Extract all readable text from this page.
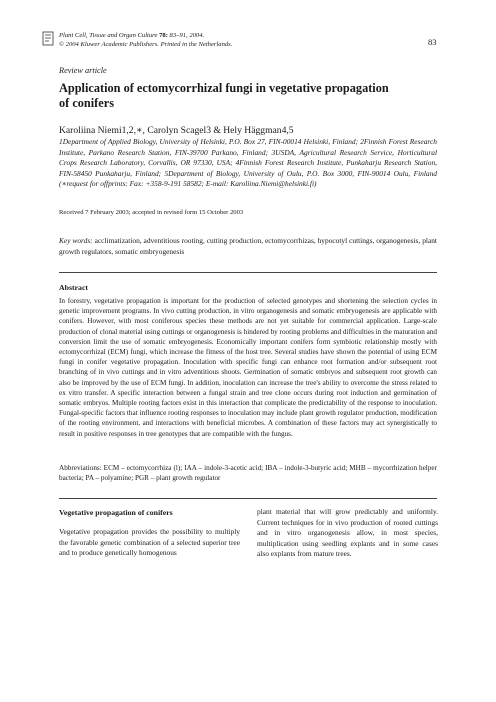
Plant Cell, Tissue and Organ Culture 78: 83–91, 2004.
© 2004 Kluwer Academic Publishers. Printed in the Netherlands.	83
Review article
Application of ectomycorrhizal fungi in vegetative propagation of conifers
Karoliina Niemi1,2,∗, Carolyn Scagel3 & Hely Häggman4,5
1Department of Applied Biology, University of Helsinki, P.O. Box 27, FIN-00014 Helsinki, Finland; 2Finnish Forest Research Institute, Parkano Research Station, FIN-39700 Parkano, Finland; 3USDA, Agricultural Research Service, Horticultural Crops Research Laboratory, Corvallis, OR 97330, USA; 4Finnish Forest Research Institute, Punkaharju Research Station, FIN-58450 Punkaharju, Finland; 5Department of Biology, University of Oulu, P.O. Box 3000, FIN-90014 Oulu, Finland (∗request for offprints: Fax: +358-9-191 58582; E-mail: Karoliina.Niemi@helsinki.fi)
Received 7 February 2003; accepted in revised form 15 October 2003
Key words: acclimatization, adventitious rooting, cutting production, ectomycorrhizas, hypocotyl cuttings, organogenesis, plant growth regulators, somatic embryogenesis
Abstract
In forestry, vegetative propagation is important for the production of selected genotypes and shortening the selection cycles in genetic improvement programs. In vivo cutting production, in vitro organogenesis and somatic embryogenesis are applicable with conifers. However, with most coniferous species these methods are not yet suitable for commercial application. Large-scale production of clonal material using cuttings or organogenesis is hindered by rooting problems and difficulties in the maturation and conversion limit the use of somatic embryogenesis. Economically important conifers form symbiotic relationship mostly with ectomycorrhizal (ECM) fungi, which increase the fitness of the host tree. Several studies have shown the potential of using ECM fungi in conifer vegetative propagation. Inoculation with specific fungi can enhance root formation and/or subsequent root branching of in vivo cuttings and in vitro adventitious shoots. Germination of somatic embryos and subsequent root growth can also be improved by the use of ECM fungi. In addition, inoculation can increase the tree's ability to overcome the stress related to ex vitro transfer. A specific interaction between a fungal strain and tree clone occurs during root induction and germination of somatic embryos. Multiple rooting factors exist in this interaction that complicate the predictability of the response to inoculation. Fungal-specific factors that influence rooting responses to inoculation may include plant growth regulator production, modification of the rooting environment, and interactions with beneficial microbes. A combination of these factors may act synergistically to result in positive responses in tree genotypes that are compatible with the fungus.
Abbreviations: ECM – ectomycorrhiza (l); IAA – indole-3-acetic acid; IBA – indole-3-butyric acid; MHB – mycorrhization helper bacteria; PA – polyamine; PGR – plant growth regulator
Vegetative propagation of conifers
Vegetative propagation provides the possibility to multiply the favorable genetic combination of a selected superior tree and to produce genetically homogenous
plant material that will grow predictably and uniformly. Current techniques for in vivo production of rooted cuttings and in vitro organogenesis allow, in most species, multiplication using seedling explants and in some cases also explants from mature trees.
